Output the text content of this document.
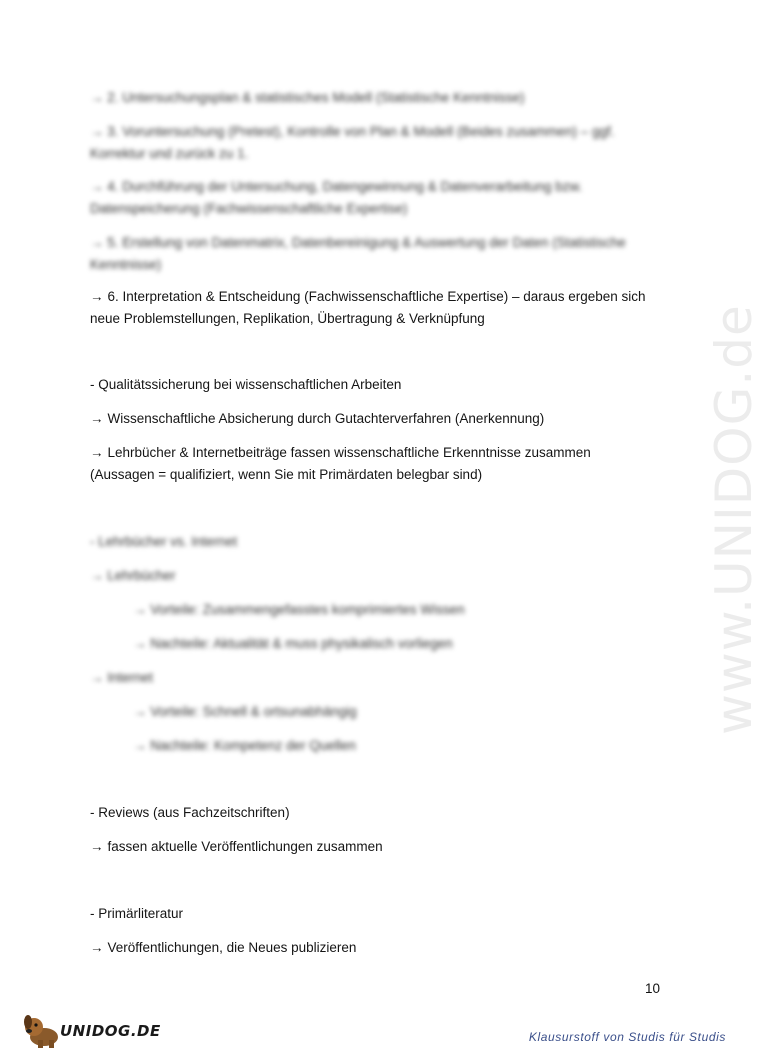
www.UNIDOG.de
→ 2. Untersuchungsplan & statistisches Modell (Statistische Kenntnisse)
→ 3. Voruntersuchung (Pretest), Kontrolle von Plan & Modell (Beides zusammen) – ggf.
Korrektur und zurück zu 1.
→ 4. Durchführung der Untersuchung, Datengewinnung & Datenverarbeitung bzw.
Datenspeicherung (Fachwissenschaftliche Expertise)
→ 5. Erstellung von Datenmatrix, Datenbereinigung & Auswertung der Daten (Statistische
Kenntnisse)
→ 6. Interpretation & Entscheidung (Fachwissenschaftliche Expertise) – daraus ergeben sich
neue Problemstellungen, Replikation, Übertragung & Verknüpfung
- Qualitätssicherung bei wissenschaftlichen Arbeiten
→ Wissenschaftliche Absicherung durch Gutachterverfahren (Anerkennung)
→ Lehrbücher & Internetbeiträge fassen wissenschaftliche Erkenntnisse zusammen
(Aussagen = qualifiziert, wenn Sie mit Primärdaten belegbar sind)
- Lehrbücher vs. Internet
→ Lehrbücher
→ Vorteile: Zusammengefasstes komprimiertes Wissen
→ Nachteile: Aktualität & muss physikalisch vorliegen
→ Internet
→ Vorteile: Schnell & ortsunabhängig
→ Nachteile: Kompetenz der Quellen
- Reviews (aus Fachzeitschriften)
→ fassen aktuelle Veröffentlichungen zusammen
- Primärliteratur
→ Veröffentlichungen, die Neues publizieren
10
UNIDOG.DE	Klausurstoff von Studis für Studis
